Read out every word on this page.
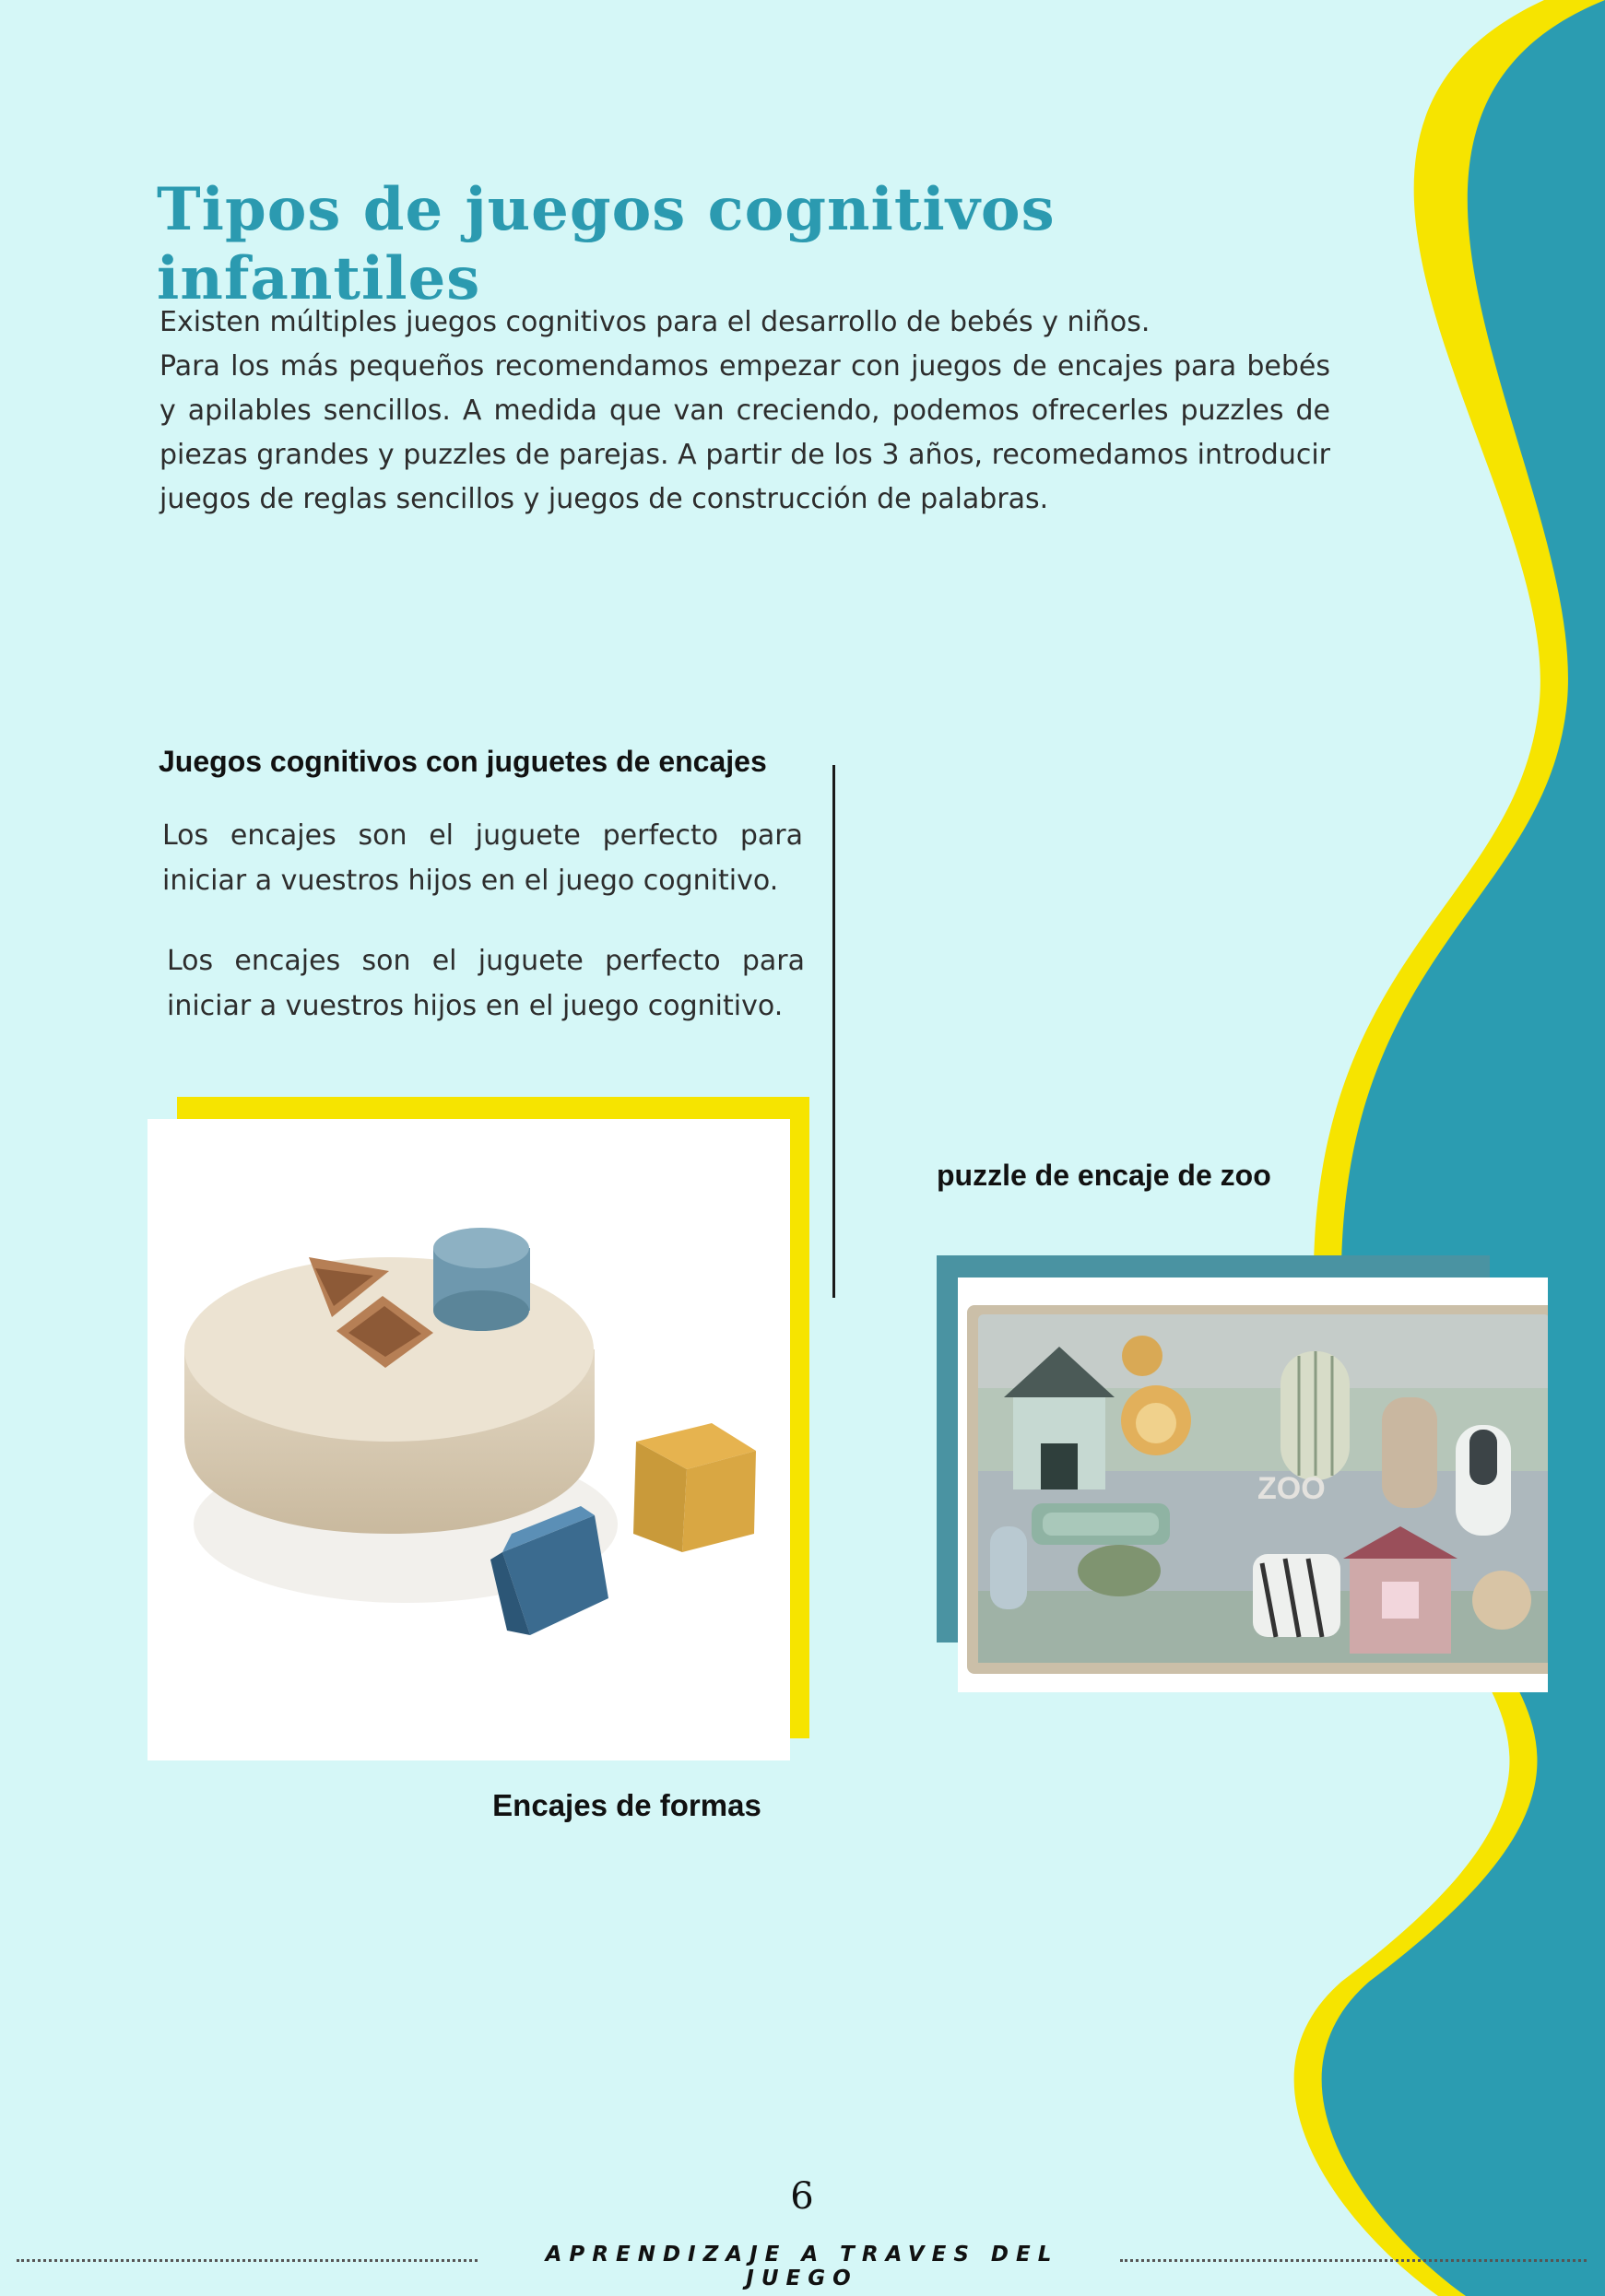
Tipos de juegos cognitivos infantiles

Existen múltiples juegos cognitivos para el desarrollo de bebés y niños.

Para los más pequeños recomendamos empezar con juegos de encajes para bebés y apilables sencillos. A medida que van creciendo, podemos ofrecerles puzzles de piezas grandes y puzzles de parejas. A partir de los 3 años, recomedamos introducir juegos de reglas sencillos y juegos de construcción de palabras.

Juegos cognitivos con juguetes de encajes

Los encajes son el juguete perfecto para iniciar a vuestros hijos en el juego cognitivo.

Los encajes son el juguete perfecto para iniciar a vuestros hijos en el juego cognitivo.

puzzle de encaje de zoo

ZOO

Encajes de formas

6

APRENDIZAJE A TRAVES DEL JUEGO
